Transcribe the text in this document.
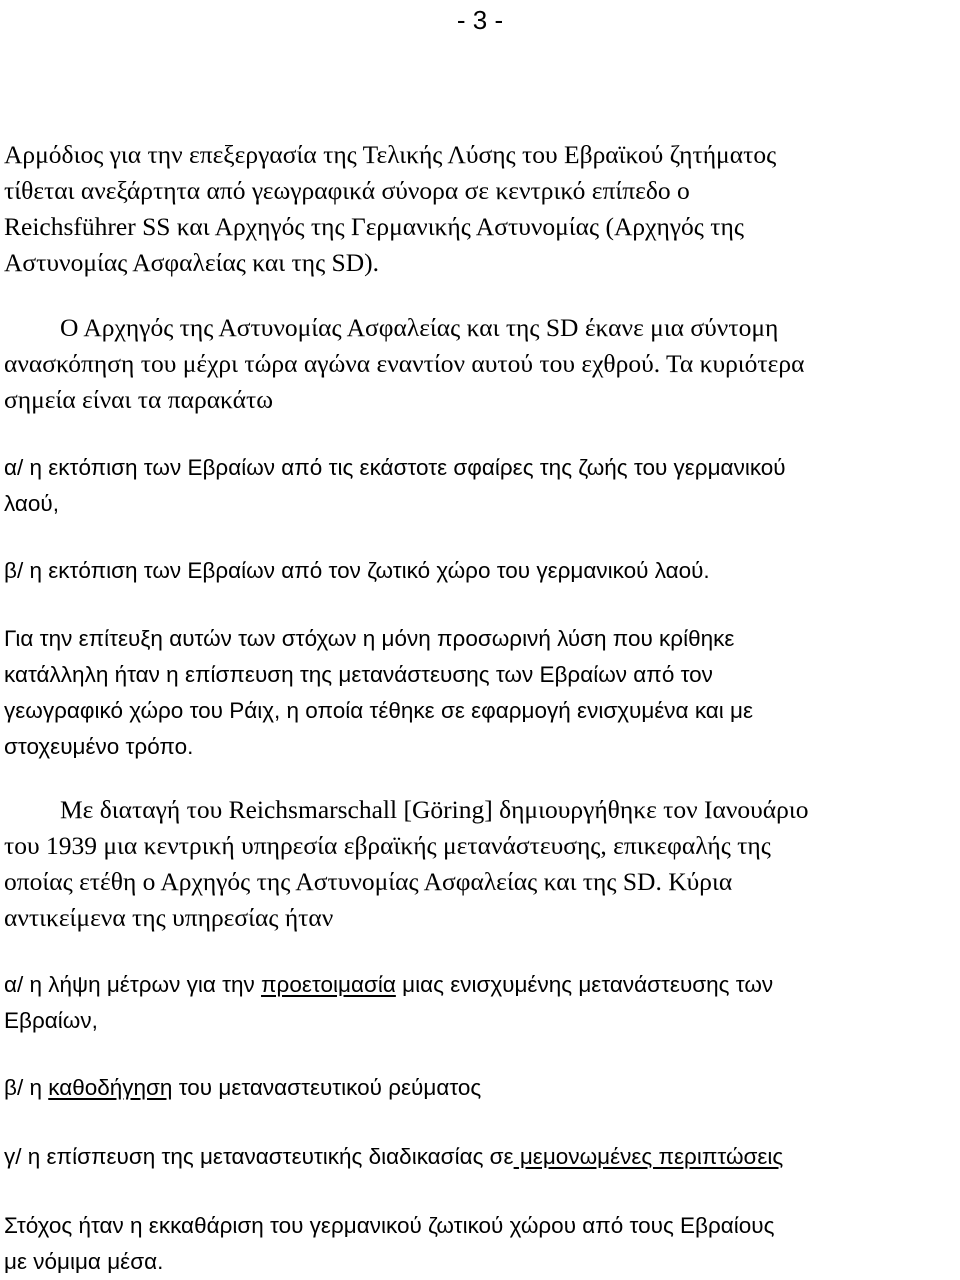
- 3 -

Αρμόδιος για την επεξεργασία της Τελικής Λύσης του Εβραϊκού ζητήματος
τίθεται ανεξάρτητα από γεωγραφικά σύνορα σε κεντρικό επίπεδο ο
Reichsführer SS και Αρχηγός της Γερμανικής Αστυνομίας (Αρχηγός της
Αστυνομίας Ασφαλείας και της SD).

Ο Αρχηγός της Αστυνομίας Ασφαλείας και της SD έκανε μια σύντομη
ανασκόπηση του μέχρι τώρα αγώνα εναντίον αυτού του εχθρού. Τα κυριότερα
σημεία είναι τα παρακάτω

α/ η εκτόπιση των Εβραίων από τις εκάστοτε σφαίρες της ζωής του γερμανικού
λαού,

β/ η εκτόπιση των Εβραίων από τον ζωτικό χώρο του γερμανικού λαού.

Για την επίτευξη αυτών των στόχων η μόνη προσωρινή λύση που κρίθηκε
κατάλληλη ήταν η επίσπευση της μετανάστευσης των Εβραίων από τον
γεωγραφικό χώρο του Ράιχ, η οποία τέθηκε σε εφαρμογή ενισχυμένα και με
στοχευμένο τρόπο.

Με διαταγή του Reichsmarschall [Göring] δημιουργήθηκε τον Ιανουάριο
του 1939 μια κεντρική υπηρεσία εβραϊκής μετανάστευσης, επικεφαλής της
οποίας ετέθη ο Αρχηγός της Αστυνομίας Ασφαλείας και της SD. Κύρια
αντικείμενα της υπηρεσίας ήταν

α/ η λήψη μέτρων για την προετοιμασία μιας ενισχυμένης μετανάστευσης των
Εβραίων,

β/ η καθοδήγηση του μεταναστευτικού ρεύματος

γ/ η επίσπευση της μεταναστευτικής διαδικασίας σε μεμονωμένες περιπτώσεις

Στόχος ήταν η εκκαθάριση του γερμανικού ζωτικού χώρου από τους Εβραίους
με νόμιμα μέσα.
